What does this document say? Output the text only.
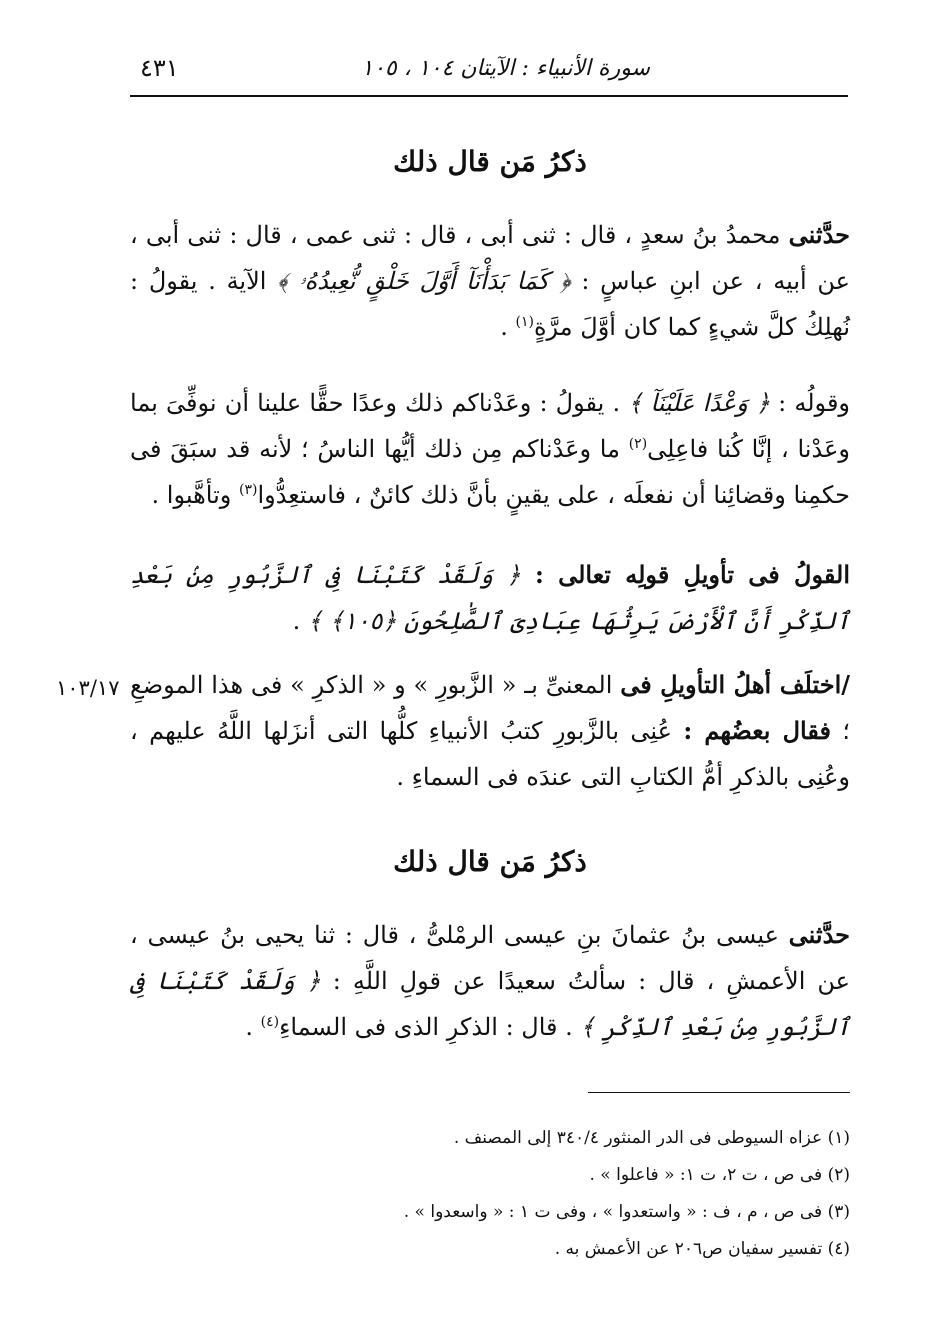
سورة الأنبياء : الآيتان ١٠٤ ، ١٠٥
٤٣١
ذكرُ مَن قال ذلك

حدَّثنى محمدُ بنُ سعدٍ ، قال : ثنى أبى ، قال : ثنى عمى ، قال : ثنى أبى ، عن أبيه ، عن ابنِ عباسٍ : ﴿ كَمَا بَدَأْنَآ أَوَّلَ خَلْقٍ نُّعِيدُهُۥ ﴾ الآية . يقولُ : نُهلِكُ كلَّ شيءٍ كما كان أوَّلَ مرَّةٍ$^{(١)}$ .

وقولُه : ﴿ وَعْدًا عَلَيْنَآ ﴾ . يقولُ : وعَدْناكم ذلك وعدًا حقًّا علينا أن نوفِّىَ بما وعَدْنا ، إنَّا كُنا فاعِلِى$^{(٢)}$ ما وعَدْناكم مِن ذلك أيُّها الناسُ ؛ لأنه قد سبَقَ فى حكمِنا وقضائِنا أن نفعلَه ، على يقينٍ بأنَّ ذلك كائنٌ ، فاستعِدُّوا$^{(٣)}$ وتأهَّبوا .

القولُ فى تأويلِ قولِه تعالى : ﴿ وَلَقَدْ كَتَبْنَا فِى ٱلزَّبُورِ مِنۢ بَعْدِ ٱلذِّكْرِ أَنَّ ٱلْأَرْضَ يَرِثُهَا عِبَادِىَ ٱلصَّٰلِحُونَ ﴿١٠٥﴾ ﴾ .

١٠٣/١٧	/اختلَف أهلُ التأويلِ فى المعنىِّ بـ « الزَّبورِ » و « الذكرِ » فى هذا الموضعِ ؛ فقال بعضُهم : عُنِى بالزَّبورِ كتبُ الأنبياءِ كلُّها التى أنزَلها اللَّهُ عليهم ، وعُنِى بالذكرِ أمُّ الكتابِ التى عندَه فى السماءِ .

ذكرُ مَن قال ذلك

حدَّثنى عيسى بنُ عثمانَ بنِ عيسى الرمْلىُّ ، قال : ثنا يحيى بنُ عيسى ، عن الأعمشِ ، قال : سألتُ سعيدًا عن قولِ اللَّهِ : ﴿ وَلَقَدْ كَتَبْنَا فِى ٱلزَّبُورِ مِنۢ بَعْدِ ٱلذِّكْرِ ﴾ . قال : الذكرِ الذى فى السماءِ$^{(٤)}$ .

(١) عزاه السيوطى فى الدر المنثور ٣٤٠/٤ إلى المصنف .

(٢) فى ص ، ت ٢، ت ١: « فاعلوا » .

(٣) فى ص ، م ، ف : « واستعدوا » ، وفى ت ١ : « واسعدوا » .

(٤) تفسير سفيان ص٢٠٦ عن الأعمش به .
